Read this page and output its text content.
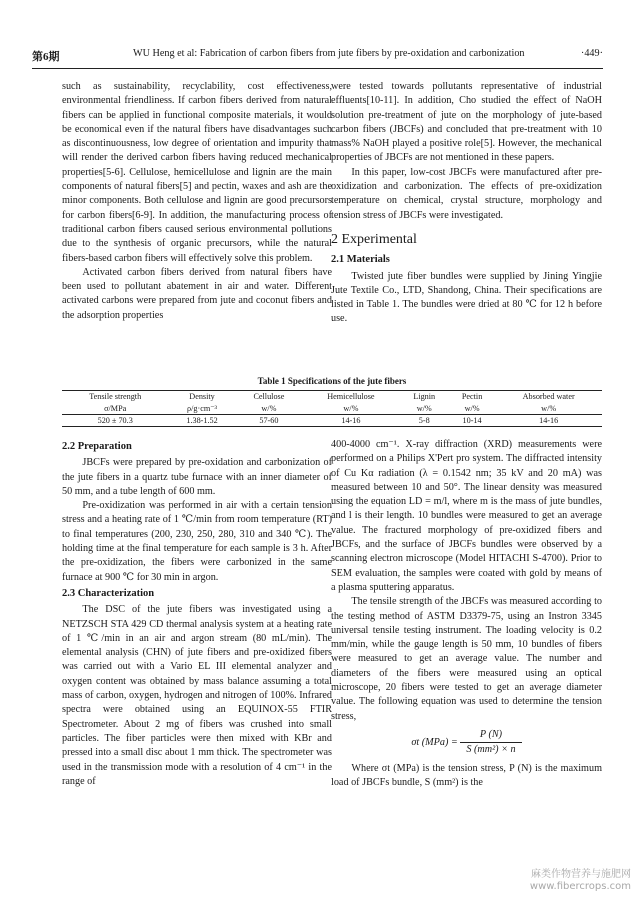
第6期	WU Heng et al: Fabrication of carbon fibers from jute fibers by pre-oxidation and carbonization	·449·

such as sustainability, recyclability, cost effectiveness, environmental friendliness. If carbon fibers derived from natural fibers can be applied in functional composite materials, it would be economical even if the natural fibers have disadvantages such as discontinuousness, low degree of orientation and impurity that will render the derived carbon fibers having reduced mechanical properties[5-6]. Cellulose, hemicellulose and lignin are the main components of natural fibers[5] and pectin, waxes and ash are the minor components. Both cellulose and lignin are good precursors for carbon fibers[6-9]. In addition, the manufacturing process of traditional carbon fibers caused serious environmental pollutions due to the synthesis of organic precursors, while the natural fibers-based carbon fibers will effectively solve this problem.

Activated carbon fibers derived from natural fibers have been used to pollutant abatement in air and water. Different activated carbons were prepared from jute and coconut fibers and the adsorption properties

were tested towards pollutants representative of industrial effluents[10-11]. In addition, Cho studied the effect of NaOH solution pre-treatment of jute on the morphology of jute-based carbon fibers (JBCFs) and concluded that pre-treatment with 10 mass% NaOH played a positive role[5]. However, the mechanical properties of JBCFs are not mentioned in these papers.

In this paper, low-cost JBCFs were manufactured after pre-oxidization and carbonization. The effects of pre-oxidization temperature on chemical, crystal structure, morphology and tension stress of JBCFs were investigated.

2 Experimental
2.1 Materials

Twisted jute fiber bundles were supplied by Jining Yingjie Jute Textile Co., LTD, Shandong, China. Their specifications are listed in Table 1. The bundles were dried at 80 ℃ for 12 h before use.

Table 1 Specifications of the jute fibers
Tensile strength	Density	Cellulose	Hemicellulose	Lignin	Pectin	Absorbed water
σ/MPa	ρ/g·cm⁻³	w/%	w/%	w/%	w/%	w/%
520 ± 70.3	1.38-1.52	57-60	14-16	5-8	10-14	14-16
2.2 Preparation

JBCFs were prepared by pre-oxidation and carbonization of the jute fibers in a quartz tube furnace with an inner diameter of 50 mm, and a tube length of 600 mm.

Pre-oxidization was performed in air with a certain tension stress and a heating rate of 1 ℃/min from room temperature (RT) to final temperatures (200, 230, 250, 280, 310 and 340 ℃). The holding time at the final temperature for each sample is 3 h. After the pre-oxidization, the fibers were carbonized in the same furnace at 900 ℃ for 30 min in argon.

2.3 Characterization

The DSC of the jute fibers was investigated using a NETZSCH STA 429 CD thermal analysis system at a heating rate of 1 ℃/min in an air and argon stream (80 mL/min). The elemental analysis (CHN) of jute fibers and pre-oxidized fibers was carried out with a Vario EL III elemental analyzer and oxygen content was obtained by mass balance assuming a total mass of carbon, oxygen, hydrogen and nitrogen of 100%. Infrared spectra were obtained using an EQUINOX-55 FTIR Spectrometer. About 2 mg of fibers was crushed into small particles. The fiber particles were then mixed with KBr and pressed into a small disc about 1 mm thick. The spectrometer was used in the transmission mode with a resolution of 4 cm⁻¹ in the range of

400-4000 cm⁻¹. X-ray diffraction (XRD) measurements were performed on a Philips X'Pert pro system. The diffracted intensity of Cu Kα radiation (λ = 0.1542 nm; 35 kV and 20 mA) was measured between 10 and 50°. The linear density was measured using the equation LD = m/l, where m is the mass of jute bundles, and l is their length. 10 bundles were measured to get an average value. The fractured morphology of pre-oxidized fibers and JBCFs, and the surface of JBCFs bundles were observed by a scanning electron microscope (Model HITACHI S-4700). Prior to SEM evaluation, the samples were coated with gold by means of a plasma sputtering apparatus.

The tensile strength of the JBCFs was measured according to the testing method of ASTM D3379-75, using an Instron 3345 universal tensile testing instrument. The loading velocity is 0.2 mm/min, while the gauge length is 50 mm, 10 bundles of fibers were measured to get an average value. The number and diameters of the fibers were measured using an optical microscope, 20 fibers were tested to get an average diameter value. The following equation was used to determine the tension stress,

σt $(MPa) = \frac{P (N)}{\text{S (mm²) × n}}$

Where σt (MPa) is the tension stress, P (N) is the maximum load of JBCFs bundle, S (mm²) is the

麻类作物营养与施肥网
www.fibercrops.com
